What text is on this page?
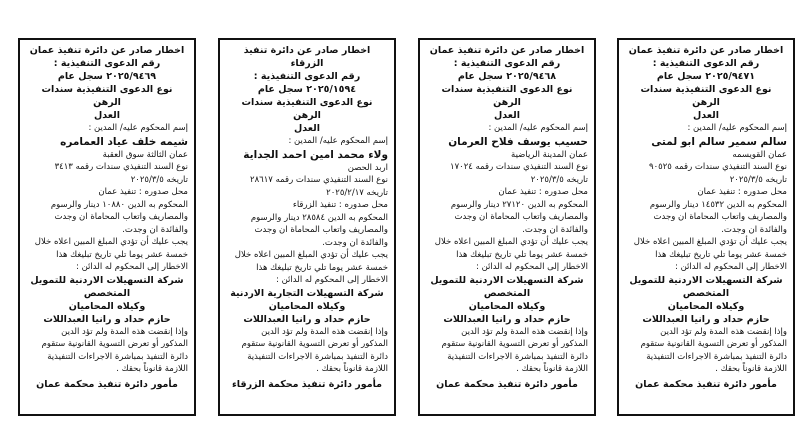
اخطار صادر عن دائرة تنفيذ عمان
رقم الدعوى التنفيذية :
٢٠٢٥/٩٤٧١ سجل عام
نوع الدعوى التنفيذية سندات الرهن
العدل
إسم المحكوم عليه/ المدين :
سالم سمير سالم ابو لمتى
عمان القويسمه
نوع السند التنفيذي سندات رقمه ٩٠٥٢٥
تاريخه ٢٠٢٥/٣/٥
محل صدوره : تنفيذ عمان
المحكوم به الدين ١٤٥٣٢ دينار والرسوم
والمصاريف واتعاب المحاماة ان وجدت
والفائدة ان وجدت.
يجب عليك أن تؤدي المبلغ المبين اعلاه خلال
خمسة عشر يوما تلي تاريخ تبليغك هذا
الاخطار إلى المحكوم له الدائن :
شركة التسهيلات الاردنية للتمويل
المتخصص
وكيلاه المحاميان
حازم حداد و رانيا العبداللات
وإذا إنقضت هذه المدة ولم تؤد الدين
المذكور أو تعرض التسوية القانونية ستقوم
دائرة التنفيذ بمباشرة الاجراءات التنفيذية
اللازمة قانوناً بحقك .
مأمور دائرة تنفيذ محكمة عمان
اخطار صادر عن دائرة تنفيذ عمان
رقم الدعوى التنفيذية :
٢٠٢٥/٩٤٦٨ سجل عام
نوع الدعوى التنفيذية سندات الرهن
العدل
إسم المحكوم عليه/ المدين :
حسيب يوسف فلاح العرمان
عمان المدينة الرياضية
نوع السند التنفيذي سندات رقمه ١٧٠٢٤
تاريخه ٢٠٢٥/٣/٥
محل صدوره : تنفيذ عمان
المحكوم به الدين ٢٧١٢٠ دينار والرسوم
والمصاريف واتعاب المحاماة ان وجدت
والفائدة ان وجدت.
يجب عليك أن تؤدي المبلغ المبين اعلاه خلال
خمسة عشر يوما تلي تاريخ تبليغك هذا
الاخطار إلى المحكوم له الدائن :
شركة التسهيلات الاردنية للتمويل
المتخصص
وكيلاه المحاميان
حازم حداد و رانيا العبداللات
وإذا إنقضت هذه المدة ولم تؤد الدين
المذكور أو تعرض التسوية القانونية ستقوم
دائرة التنفيذ بمباشرة الاجراءات التنفيذية
اللازمة قانوناً بحقك .
مأمور دائرة تنفيذ محكمة عمان
اخطار صادر عن دائرة تنفيذ الزرقاء
رقم الدعوى التنفيذية :
٢٠٢٥/١٥٩٤ سجل عام
نوع الدعوى التنفيذية سندات الرهن
العدل
إسم المحكوم عليه/ المدين :
ولاء محمد امين احمد الجداية
اربد الحصن
نوع السند التنفيذي سندات رقمه ٢٨٦١٧
تاريخه ٢٠٢٥/٢/١٧
محل صدوره : تنفيذ الزرقاء
المحكوم به الدين ٢٨٥٨٤ دينار والرسوم
والمصاريف واتعاب المحاماة ان وجدت
والفائدة ان وجدت.
يجب عليك أن تؤدي المبلغ المبين اعلاه خلال
خمسة عشر يوما تلي تاريخ تبليغك هذا
الاخطار إلى المحكوم له الدائن :
شركة التسهيلات التجارية الاردنية
وكيلاه المحاميان
حازم حداد و رانيا العبداللات
وإذا إنقضت هذه المدة ولم تؤد الدين
المذكور أو تعرض التسوية القانونية ستقوم
دائرة التنفيذ بمباشرة الاجراءات التنفيذية
اللازمة قانوناً بحقك .
مأمور دائرة تنفيذ محكمة الزرقاء
اخطار صادر عن دائرة تنفيذ عمان
رقم الدعوى التنفيذية :
٢٠٢٥/٩٤٦٩ سجل عام
نوع الدعوى التنفيذية سندات الرهن
العدل
إسم المحكوم عليه/ المدين :
شيمه خلف عياد العمامره
عمان الثالثة سوق العقبة
نوع السند التنفيذي سندات رقمه ٣٤١٣
تاريخه ٢٠٢٥/٣/٥
محل صدوره : تنفيذ عمان
المحكوم به الدين ١٠٨٨٠ دينار والرسوم
والمصاريف واتعاب المحاماة ان وجدت
والفائدة ان وجدت.
يجب عليك أن تؤدي المبلغ المبين اعلاه خلال
خمسة عشر يوما تلي تاريخ تبليغك هذا
الاخطار إلى المحكوم له الدائن :
شركة التسهيلات الاردنية للتمويل
المتخصص
وكيلاه المحاميان
حازم حداد و رانيا العبداللات
وإذا إنقضت هذه المدة ولم تؤد الدين
المذكور أو تعرض التسوية القانونية ستقوم
دائرة التنفيذ بمباشرة الاجراءات التنفيذية
اللازمة قانوناً بحقك .
مأمور دائرة تنفيذ محكمة عمان
